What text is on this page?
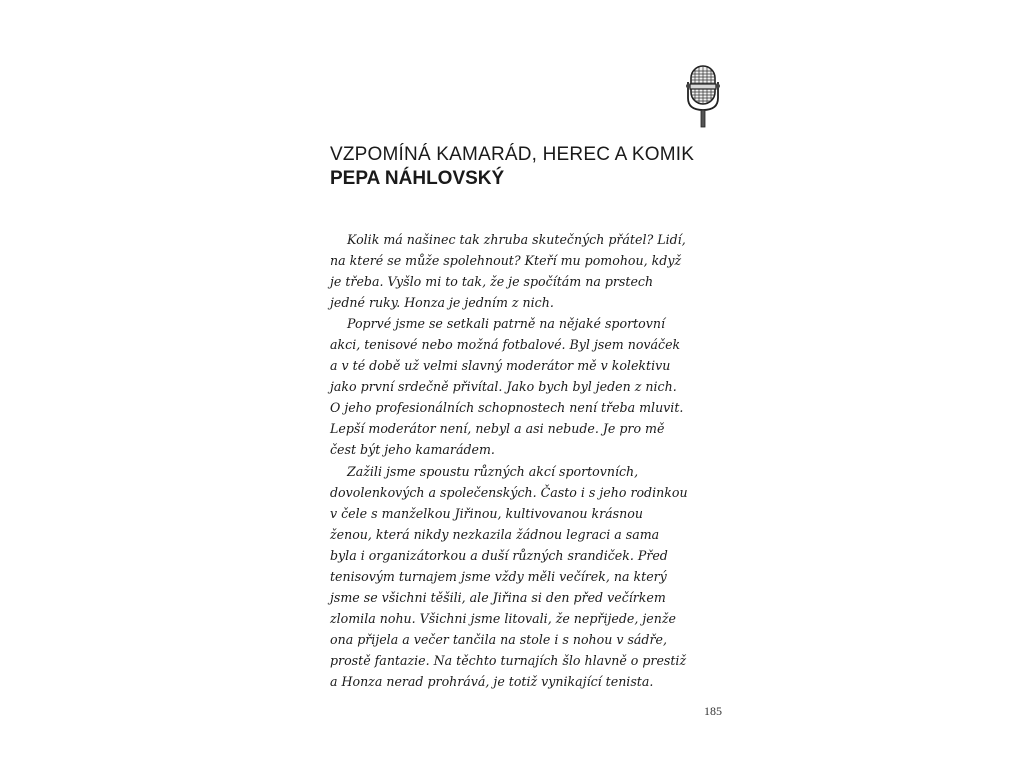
VZPOMÍNÁ KAMARÁD, HEREC A KOMIK
PEPA NÁHLOVSKÝ
Kolik má našinec tak zhruba skutečných přátel? Lidí,
na které se může spolehnout? Kteří mu pomohou, když
je třeba. Vyšlo mi to tak, že je spočítám na prstech
jedné ruky. Honza je jedním z nich.
Poprvé jsme se setkali patrně na nějaké sportovní
akci, tenisové nebo možná fotbalové. Byl jsem nováček
a v té době už velmi slavný moderátor mě v kolektivu
jako první srdečně přivítal. Jako bych byl jeden z nich.
O jeho profesionálních schopnostech není třeba mluvit.
Lepší moderátor není, nebyl a asi nebude. Je pro mě
čest být jeho kamarádem.
Zažili jsme spoustu různých akcí sportovních,
dovolenkových a společenských. Často i s jeho rodinkou
v čele s manželkou Jiřinou, kultivovanou krásnou
ženou, která nikdy nezkazila žádnou legraci a sama
byla i organizátorkou a duší různých srandiček. Před
tenisovým turnajem jsme vždy měli večírek, na který
jsme se všichni těšili, ale Jiřina si den před večírkem
zlomila nohu. Všichni jsme litovali, že nepřijede, jenže
ona přijela a večer tančila na stole i s nohou v sádře,
prostě fantazie. Na těchto turnajích šlo hlavně o prestiž
a Honza nerad prohrává, je totiž vynikající tenista.
185
